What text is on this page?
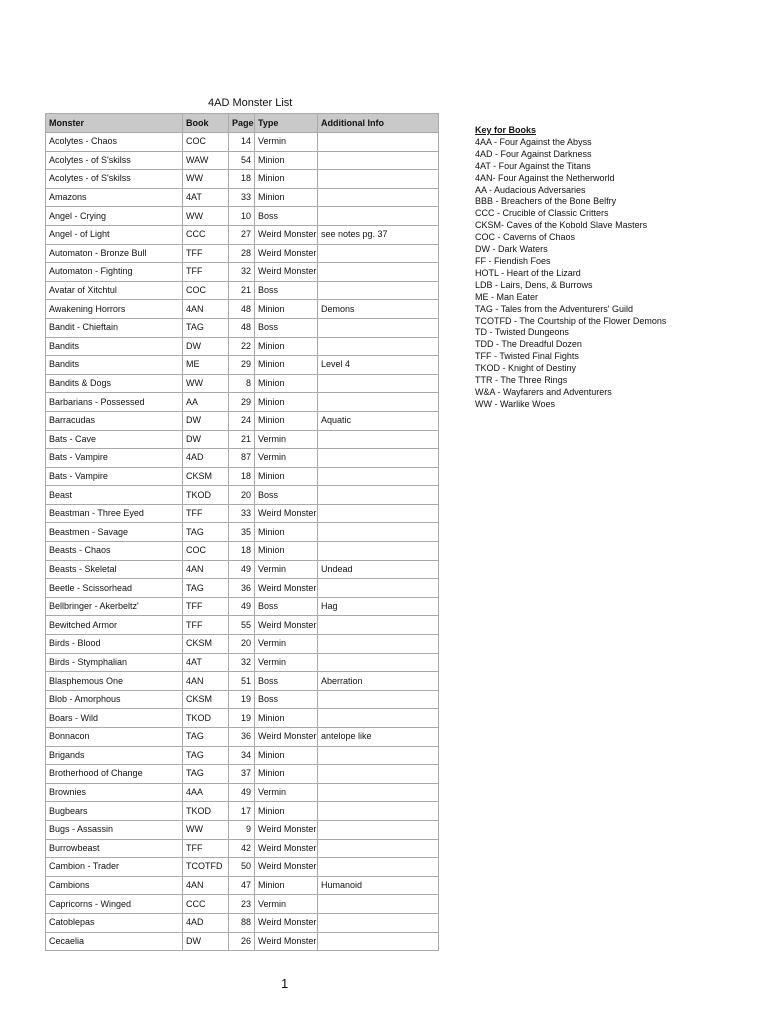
4AD Monster List
Monster	Book	Page	Type	Additional Info
Acolytes - Chaos	COC	14	Vermin	
Acolytes - of S'skilss	WAW	54	Minion	
Acolytes - of S'skilss	WW	18	Minion	
Amazons	4AT	33	Minion	
Angel - Crying	WW	10	Boss	
Angel - of Light	CCC	27	Weird Monster	see notes pg. 37
Automaton - Bronze Bull	TFF	28	Weird Monster	
Automaton - Fighting	TFF	32	Weird Monster	
Avatar of Xitchtul	COC	21	Boss	
Awakening Horrors	4AN	48	Minion	Demons
Bandit - Chieftain	TAG	48	Boss	
Bandits	DW	22	Minion	
Bandits	ME	29	Minion	Level 4
Bandits & Dogs	WW	8	Minion	
Barbarians - Possessed	AA	29	Minion	
Barracudas	DW	24	Minion	Aquatic
Bats - Cave	DW	21	Vermin	
Bats - Vampire	4AD	87	Vermin	
Bats - Vampire	CKSM	18	Minion	
Beast	TKOD	20	Boss	
Beastman - Three Eyed	TFF	33	Weird Monster	
Beastmen - Savage	TAG	35	Minion	
Beasts - Chaos	COC	18	Minion	
Beasts - Skeletal	4AN	49	Vermin	Undead
Beetle - Scissorhead	TAG	36	Weird Monster	
Bellbringer - Akerbeltz'	TFF	49	Boss	Hag
Bewitched Armor	TFF	55	Weird Monster	
Birds - Blood	CKSM	20	Vermin	
Birds - Stymphalian	4AT	32	Vermin	
Blasphemous One	4AN	51	Boss	Aberration
Blob - Amorphous	CKSM	19	Boss	
Boars - Wild	TKOD	19	Minion	
Bonnacon	TAG	36	Weird Monster	antelope like
Brigands	TAG	34	Minion	
Brotherhood of Change	TAG	37	Minion	
Brownies	4AA	49	Vermin	
Bugbears	TKOD	17	Minion	
Bugs - Assassin	WW	9	Weird Monster	
Burrowbeast	TFF	42	Weird Monster	
Cambion - Trader	TCOTFD	50	Weird Monster	
Cambions	4AN	47	Minion	Humanoid
Capricorns - Winged	CCC	23	Vermin	
Catoblepas	4AD	88	Weird Monster	
Cecaelia	DW	26	Weird Monster	
Key for Books
4AA - Four Against the Abyss
4AD - Four Against Darkness
4AT - Four Against the Titans
4AN- Four Against the Netherworld
AA - Audacious Adversaries
BBB - Breachers of the Bone Belfry
CCC - Crucible of Classic Critters
CKSM- Caves of the Kobold Slave Masters
COC - Caverns of Chaos
DW - Dark Waters
FF - Fiendish Foes
HOTL - Heart of the Lizard
LDB - Lairs, Dens, & Burrows
ME - Man Eater
TAG - Tales from the Adventurers' Guild
TCOTFD - The Courtship of the Flower Demons
TD - Twisted Dungeons
TDD - The Dreadful Dozen
TFF - Twisted Final Fights
TKOD - Knight of Destiny
TTR - The Three Rings
W&A - Wayfarers and Adventurers
WW - Warlike Woes
1
